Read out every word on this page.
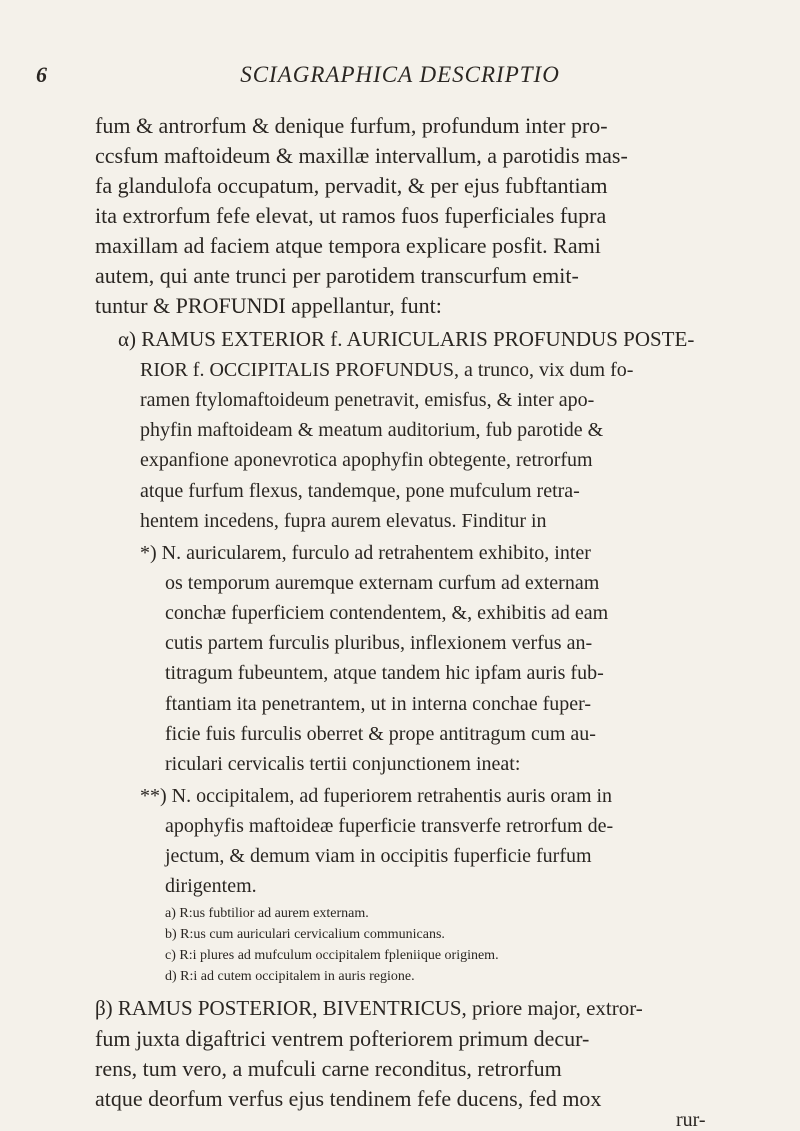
6	SCIAGRAPHICA DESCRIPTIO
fum & antrorfum & denique furfum, profundum inter pro-
ccsfum maftoideum & maxillæ intervallum, a parotidis mas-
fa glandulofa occupatum, pervadit, & per ejus fubftantiam
ita extrorfum fefe elevat, ut ramos fuos fuperficiales fupra
maxillam ad faciem atque tempora explicare posfit. Rami
autem, qui ante trunci per parotidem transcurfum emit-
tuntur & PROFUNDI appellantur, funt:
α) RAMUS EXTERIOR f. AURICULARIS PROFUNDUS POSTE-
RIOR f. OCCIPITALIS PROFUNDUS, a trunco, vix dum fo-
ramen ftylomaftoideum penetravit, emisfus, & inter apo-
phyfin maftoideam & meatum auditorium, fub parotide &
expanfione aponevrotica apophyfin obtegente, retrorfum
atque furfum flexus, tandemque, pone mufculum retra-
hentem incedens, fupra aurem elevatus. Finditur in
*) N. auricularem, furculo ad retrahentem exhibito, inter
os temporum auremque externam curfum ad externam
conchæ fuperficiem contendentem, &, exhibitis ad eam
cutis partem furculis pluribus, inflexionem verfus an-
titragum fubeuntem, atque tandem hic ipfam auris fub-
ftantiam ita penetrantem, ut in interna conchae fuper-
ficie fuis furculis oberret & prope antitragum cum au-
riculari cervicalis tertii conjunctionem ineat:
**) N. occipitalem, ad fuperiorem retrahentis auris oram in
apophyfis maftoideæ fuperficie transverfe retrorfum de-
jectum, & demum viam in occipitis fuperficie furfum
dirigentem.
a) R:us fubtilior ad aurem externam.
b) R:us cum auriculari cervicalium communicans.
c) R:i plures ad mufculum occipitalem fpleniique originem.
d) R:i ad cutem occipitalem in auris regione.
β) RAMUS POSTERIOR, BIVENTRICUS, priore major, extror-
fum juxta digaftrici ventrem pofteriorem primum decur-
rens, tum vero, a mufculi carne reconditus, retrorfum
atque deorfum verfus ejus tendinem fefe ducens, fed mox
rur-
